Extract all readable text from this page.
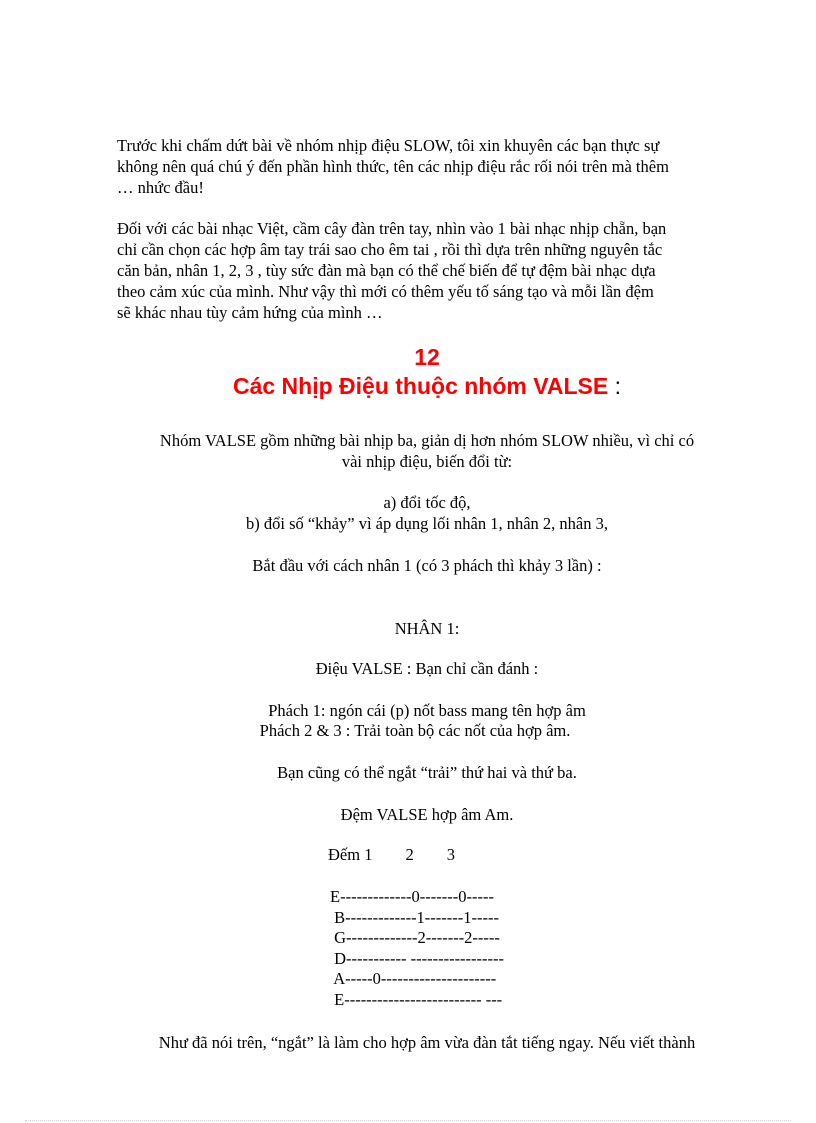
Trước khi chấm dứt bài về nhóm nhịp điệu SLOW, tôi xin khuyên các bạn thực sự
không nên quá chú ý đến phần hình thức, tên các nhịp điệu rắc rối nói trên mà thêm
… nhức đầu!
Đối với các bài nhạc Việt, cầm cây đàn trên tay, nhìn vào 1 bài nhạc nhịp chẵn, bạn
chỉ cần chọn các hợp âm tay trái sao cho êm tai , rồi thì dựa trên những nguyên tắc
căn bản, nhân 1, 2, 3 , tùy sức đàn mà bạn có thể chế biến để tự đệm bài nhạc dựa
theo cảm xúc của mình. Như vậy thì mới có thêm yếu tố sáng tạo và mỗi lần đệm
sẽ khác nhau tùy cảm hứng của mình …
12
Các Nhịp Điệu thuộc nhóm VALSE :
Nhóm VALSE gồm những bài nhịp ba, giản dị hơn nhóm SLOW nhiều, vì chỉ có
vài nhịp điệu, biến đổi từ:
a) đổi tốc độ,
b) đổi số “khảy” vì áp dụng lối nhân 1, nhân 2, nhân 3,
Bắt đầu với cách nhân 1 (có 3 phách thì khảy 3 lần) :
NHÂN 1:
Điệu VALSE : Bạn chỉ cần đánh :
Phách 1: ngón cái (p) nốt bass mang tên hợp âm
Phách 2 & 3 : Trải toàn bộ các nốt của hợp âm.
Bạn cũng có thể ngắt “trải” thứ hai và thứ ba.
Đệm VALSE hợp âm Am.
Đếm 1        2        3
E-------------0-------0-----
B-------------1-------1-----
G-------------2-------2-----
D----------- -----------------
A-----0---------------------
E------------------------- ---
Như đã nói trên, “ngắt” là làm cho hợp âm vừa đàn tắt tiếng ngay. Nếu viết thành
